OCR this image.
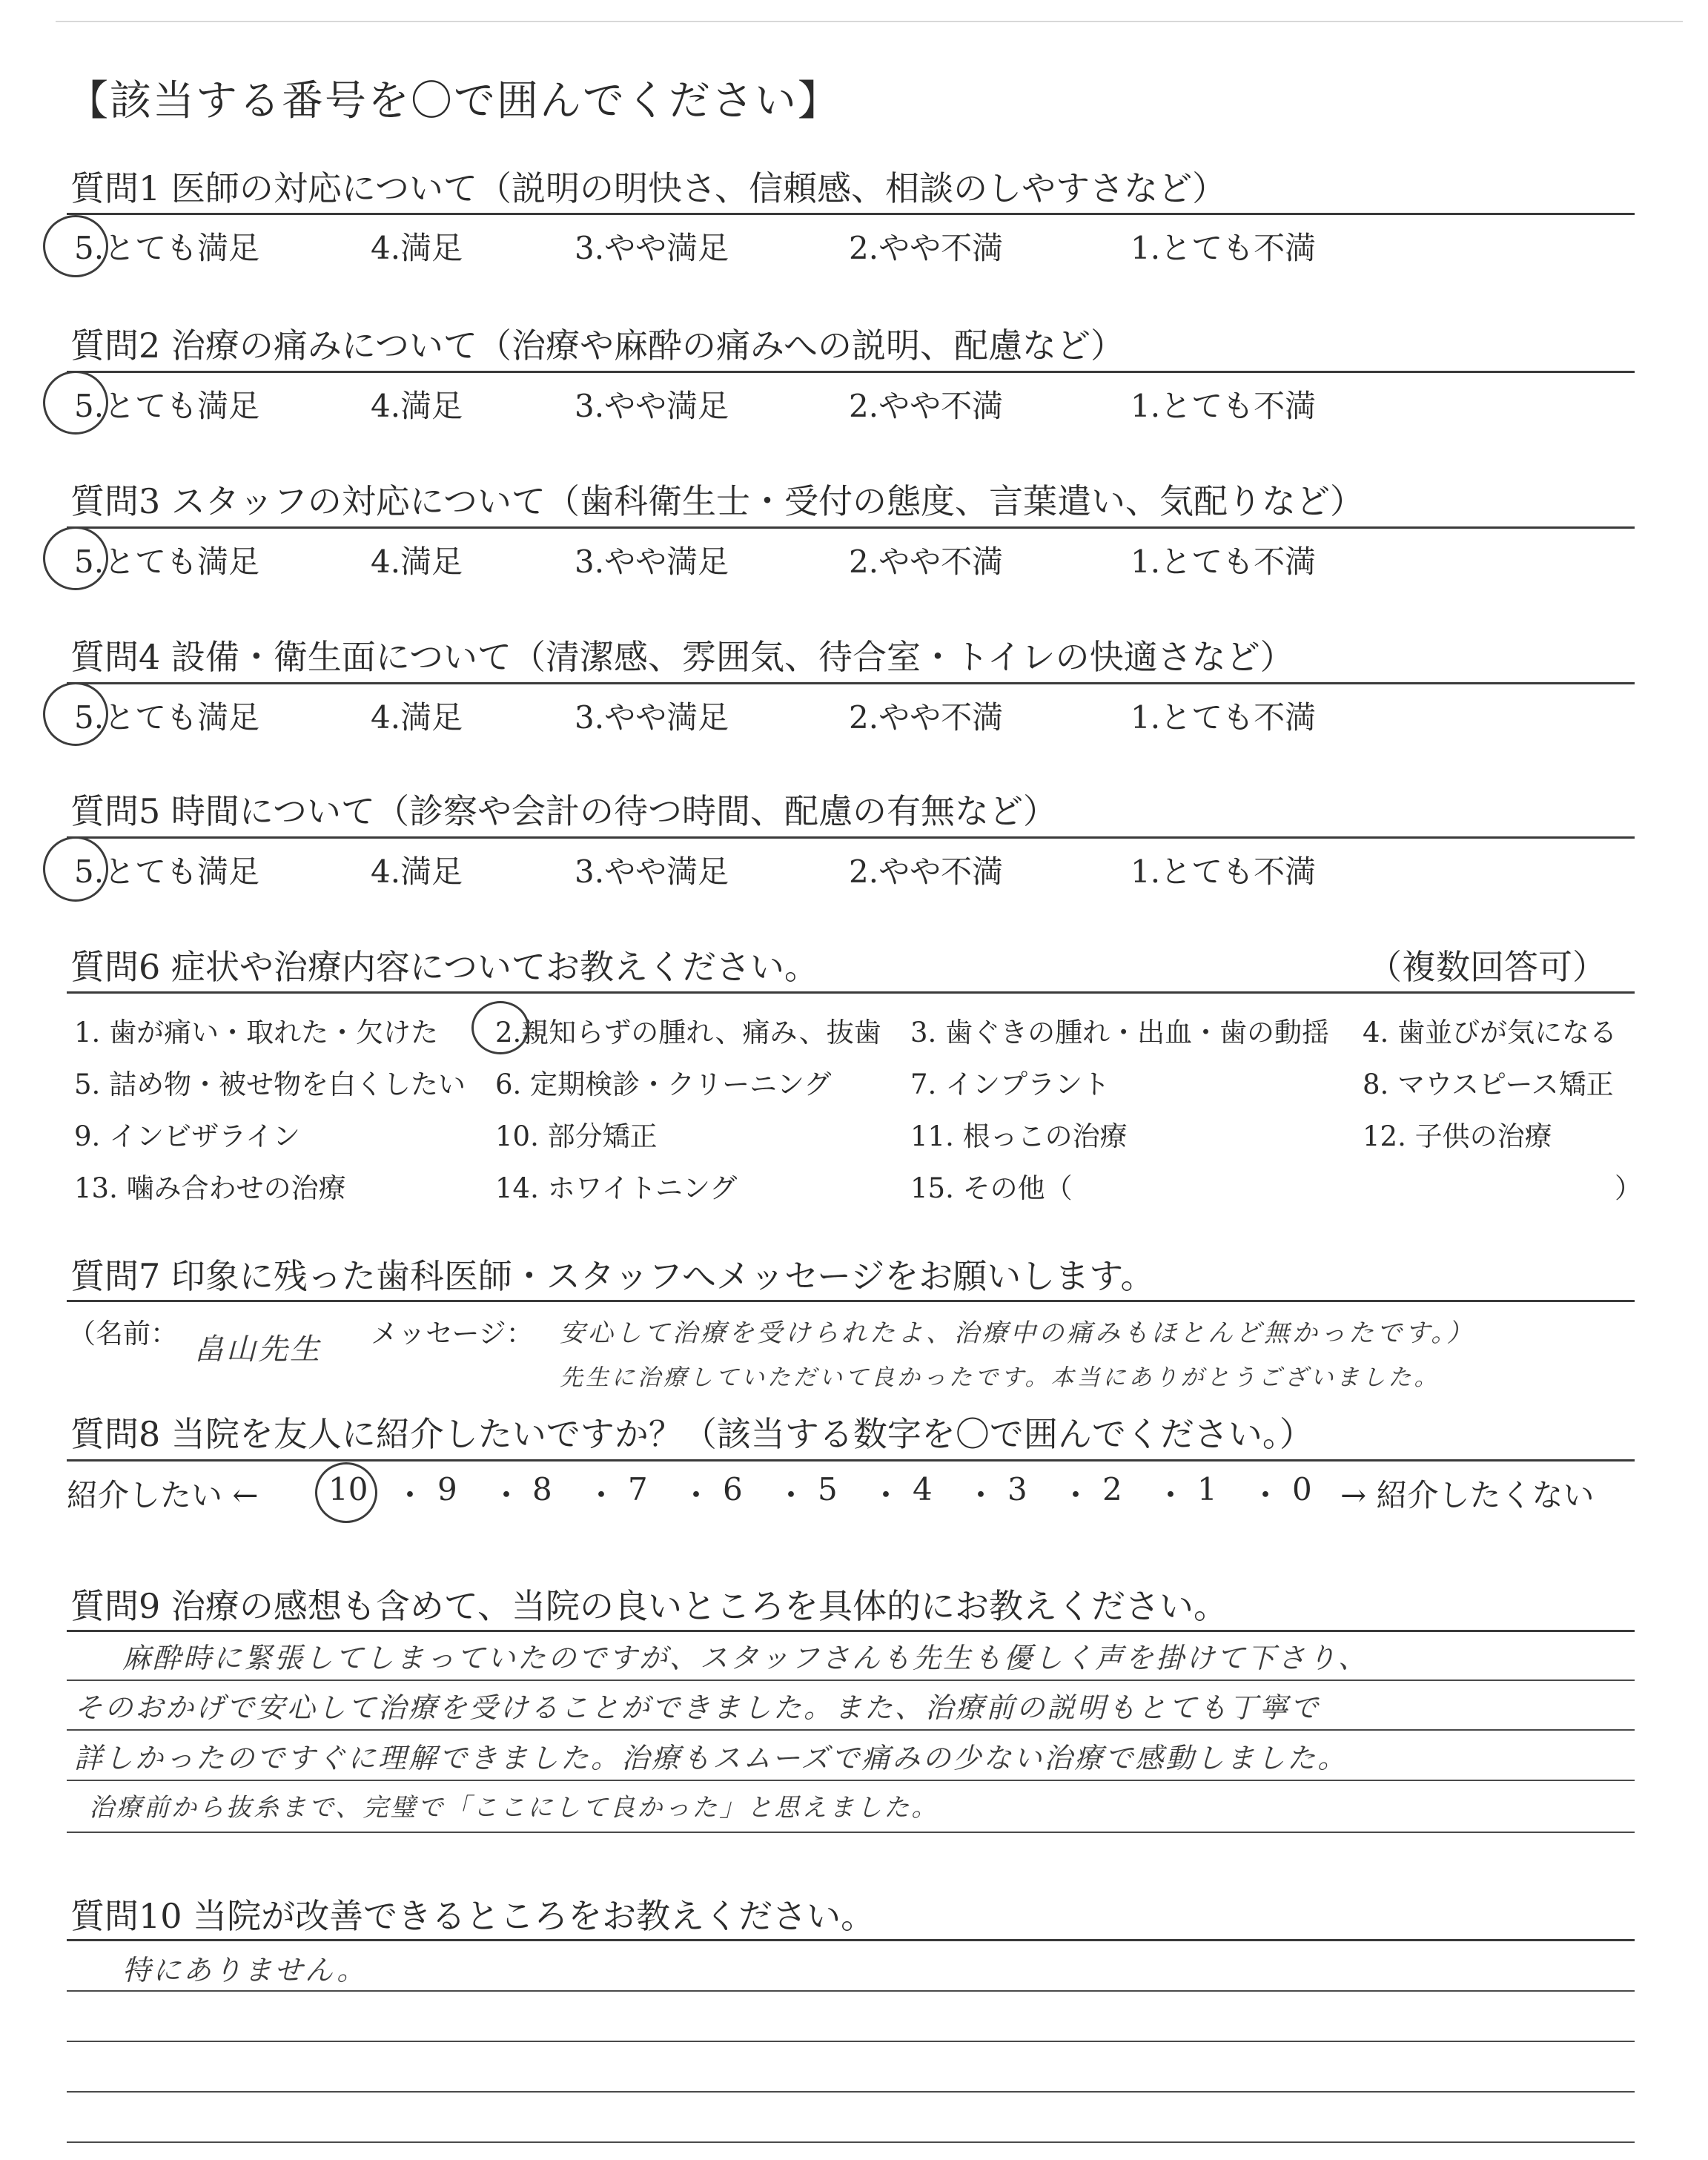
【該当する番号を〇で囲んでください】
質問1 医師の対応について（説明の明快さ、信頼感、相談のしやすさなど）
5.とても満足	4.満足	3.やや満足	2.やや不満	1.とても不満
質問2 治療の痛みについて（治療や麻酔の痛みへの説明、配慮など）
5.とても満足	4.満足	3.やや満足	2.やや不満	1.とても不満
質問3 スタッフの対応について（歯科衛生士・受付の態度、言葉遣い、気配りなど）
5.とても満足	4.満足	3.やや満足	2.やや不満	1.とても不満
質問4 設備・衛生面について（清潔感、雰囲気、待合室・トイレの快適さなど）
5.とても満足	4.満足	3.やや満足	2.やや不満	1.とても不満
質問5 時間について（診察や会計の待つ時間、配慮の有無など）
5.とても満足	4.満足	3.やや満足	2.やや不満	1.とても不満
質問6 症状や治療内容についてお教えください。	（複数回答可）
1. 歯が痛い・取れた・欠けた 2.親知らずの腫れ、痛み、抜歯 3. 歯ぐきの腫れ・出血・歯の動揺 4. 歯並びが気になる
5. 詰め物・被せ物を白くしたい 6. 定期検診・クリーニング	7. インプラント	8. マウスピース矯正
9. インビザライン	10. 部分矯正	11. 根っこの治療	12. 子供の治療
13. 噛み合わせの治療	14. ホワイトニング	15. その他（	）
質問7 印象に残った歯科医師・スタッフへメッセージをお願いします。
（名前： 畠山先生 メッセージ： 安心して治療を受けられたよ、治療中の痛みもほとんど無かったです。）
先生に治療していただいて良かったです。本当にありがとうございました。
質問8 当院を友人に紹介したいですか？（該当する数字を〇で囲んでください。）
紹介したい ← 10 ・ 9 ・ 8 ・ 7 ・ 6 ・ 5 ・ 4 ・ 3 ・ 2 ・ 1 ・ 0 → 紹介したくない
質問9 治療の感想も含めて、当院の良いところを具体的にお教えください。
麻酔時に緊張してしまっていたのですが、スタッフさんも先生も優しく声を掛けて下さり、
そのおかげで安心して治療を受けることができました。また、治療前の説明もとても丁寧で
詳しかったのですぐに理解できました。治療もスムーズで痛みの少ない治療で感動しました。
治療前から抜糸まで、完璧で「ここにして良かった」と思えました。
質問10 当院が改善できるところをお教えください。
特にありません。
